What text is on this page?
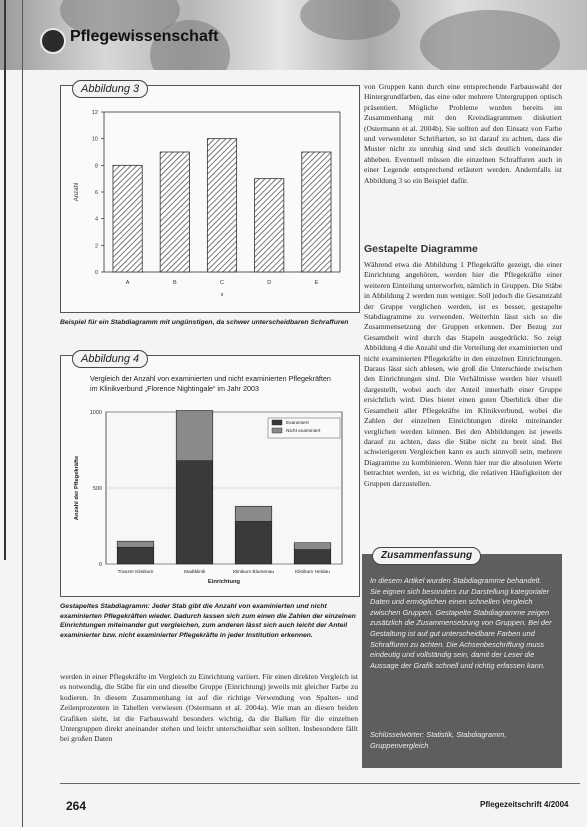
Pflegewissenschaft
Abbildung 3
0
2
4
6
8
10
12
A	B	C	D	E
x
Anzahl
Beispiel für ein Stabdiagramm mit ungünstigen, da schwer unterscheidbaren Schraffuren
Abbildung 4
Vergleich der Anzahl von examinierten und nicht examinierten Pflegekräften im Klinikverbund „Florence Nightingale“ im Jahr 2003
0
500
1000
Tranzer Klinikum	Stadtklinik	Klinikum Blumenau	Klinikum Heldau
Einrichtung
Anzahl der Pflegekräfte
Examiniert
Nicht examiniert
Gestapeltes Stabdiagramm: Jeder Stab gibt die Anzahl von examinierten und nicht examinierten Pflegekräften wieder. Dadurch lassen sich zum einen die Zahlen der einzelnen Einrichtungen miteinander gut vergleichen, zum anderen lässt sich auch leicht der Anteil examinierter bzw. nicht examinierter Pflegekräfte in jeder Institution erkennen.
werden in einer Pflegekräfte im Vergleich zu Einrichtung variiert. Für einen direkten Vergleich ist es notwendig, die Stäbe für ein und dieselbe Gruppe (Einrichtung) jeweils mit gleicher Farbe zu kodieren. In diesem Zusammenhang ist auf die richtige Verwendung von Spalten- und Zeilenprozenten in Tabellen verwiesen (Ostermann et al. 2004a). Wie man an diesen beiden Grafiken sieht, ist die Farbauswahl besonders wichtig, da die Balken für die einzelnen Untergruppen direkt aneinander stehen und leicht unterscheidbar sein sollten. Insbesondere fällt bei großen Daten
von Gruppen kann durch eine entsprechende Farbauswahl der Hintergrundfarben, das eine oder mehrere Untergruppen optisch präsentiert. Mögliche Probleme wurden bereits im Zusammenhang mit den Kreisdiagrammen diskutiert (Ostermann et al. 2004b). Sie sollten auf den Einsatz von Farbe und verwendeter Schriftarten, so ist darauf zu achten, dass die Muster nicht zu unruhig sind und sich deutlich voneinander abheben. Eventuell müssen die einzelnen Schraffuren auch in einer Legende entsprechend erläutert werden. Andernfalls ist Abbildung 3 so ein Beispiel dafür.
Gestapelte Diagramme
Während etwa die Abbildung 1 Pflegekräfte gezeigt, die einer Einrichtung angehören, werden hier die Pflegekräfte einer weiteren Einteilung unterworfen, nämlich in Gruppen. Die Stäbe in Abbildung 2 werden nun weniger. Soll jedoch die Gesamtzahl der Gruppe verglichen werden, ist es besser, gestapelte Stabdiagramme zu verwenden. Weiterhin lässt sich so die Zusammensetzung der Gruppen erkennen. Der Bezug zur Gesamtheit wird durch das Stapeln ausgedrückt. So zeigt Abbildung 4 die Anzahl und die Verteilung der examinierten und nicht examinierten Pflegekräfte in den einzelnen Einrichtungen. Daraus lässt sich ablesen, wie groß die Unterschiede zwischen den Einrichtungen sind. Die Verhältnisse werden hier visuell dargestellt, wobei auch der Anteil innerhalb einer Gruppe ersichtlich wird. Dies bietet einen guten Überblick über die Gesamtheit aller Pflegekräfte im Klinikverbund, wobei die Zahlen der einzelnen Einrichtungen direkt miteinander verglichen werden können. Bei den Abbildungen ist jeweils darauf zu achten, dass die Stäbe nicht zu breit sind. Bei schwierigeren Vergleichen kann es auch sinnvoll sein, mehrere Diagramme zu kombinieren. Wenn hier nur die absoluten Werte betrachtet werden, ist es wichtig, die relativen Häufigkeiten der Gruppen darzustellen.
In diesem Artikel wurden Stabdiagramme behandelt. Sie eignen sich besonders zur Darstellung kategorialer Daten und ermöglichen einen schnellen Vergleich zwischen Gruppen. Gestapelte Stabdiagramme zeigen zusätzlich die Zusammensetzung von Gruppen. Bei der Gestaltung ist auf gut unterscheidbare Farben und Schraffuren zu achten. Die Achsenbeschriftung muss eindeutig und vollständig sein, damit der Leser die Aussage der Grafik schnell und richtig erfassen kann.
Schlüsselwörter: Statistik, Stabdiagramm, Gruppenvergleich
Zusammenfassung
264	Pflegezeitschrift 4/2004
